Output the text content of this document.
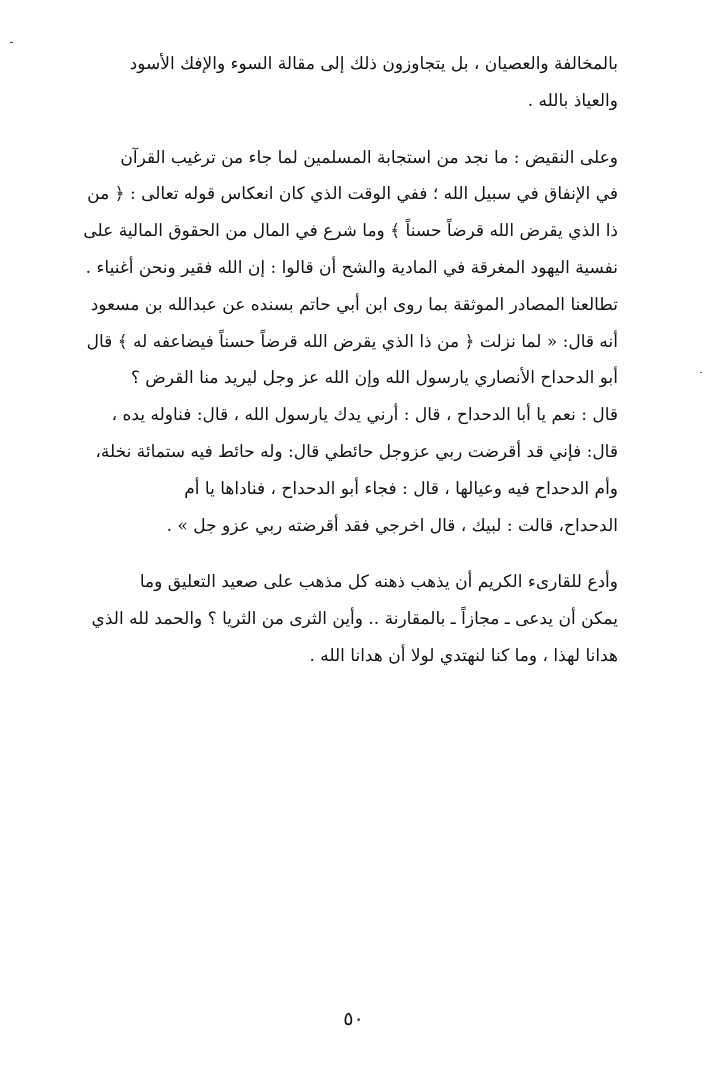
بالمخالفة والعصيان ، بل يتجاوزون ذلك إلى مقالة السوء والإفك الأسود
والعياذ بالله .
وعلى النقيض : ما نجد من استجابة المسلمين لما جاء من ترغيب القرآن
في الإنفاق في سبيل الله ؛ ففي الوقت الذي كان انعكاس قوله تعالى : ﴿ من
ذا الذي يقرض الله قرضاً حسناً ﴾ وما شرع في المال من الحقوق المالية على
نفسية اليهود المغرقة في المادية والشح أن قالوا : إن الله فقير ونحن أغنياء .
تطالعنا المصادر الموثقة بما روى ابن أبي حاتم بسنده عن عبدالله بن مسعود
أنه قال: « لما نزلت ﴿ من ذا الذي يقرض الله قرضاً حسناً فيضاعفه له ﴾ قال
أبو الدحداح الأنصاري يارسول الله وإن الله عز وجل ليريد منا القرض ؟
قال : نعم يا أبا الدحداح ، قال : أرني يدك يارسول الله ، قال: فناوله يده ،
قال: فإني قد أقرضت ربي عزوجل حائطي قال: وله حائط فيه ستمائة نخلة،
وأم الدحداح فيه وعيالها ، قال : فجاء أبو الدحداح ، فناداها يا أم
الدحداح، قالت : لبيك ، قال اخرجي فقد أقرضته ربي عزو جل » .
وأدع للقارىء الكريم أن يذهب ذهنه كل مذهب على صعيد التعليق وما
يمكن أن يدعى ـ مجازاً ـ بالمقارنة .. وأين الثرى من الثريا ؟ والحمد لله الذي
هدانا لهذا ، وما كنا لنهتدي لولا أن هدانا الله .
٥٠
